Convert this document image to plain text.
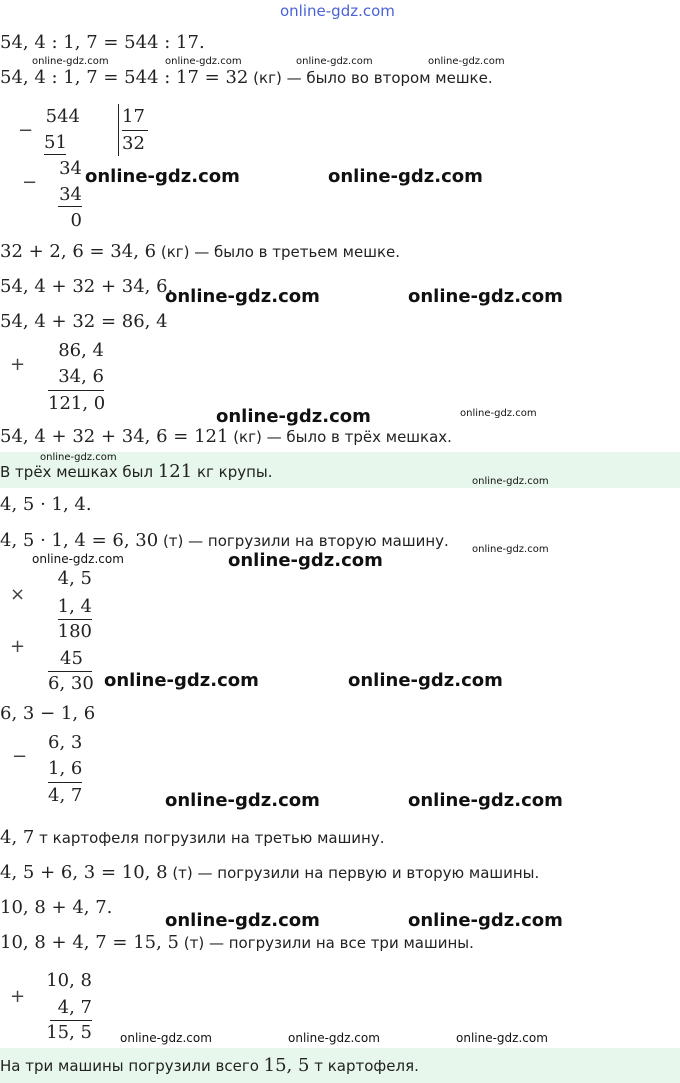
online-gdz.com
54, 4 : 1, 7 = 544 : 17.
online-gdz.com	online-gdz.com	online-gdz.com	online-gdz.com
54, 4 : 1, 7 = 544 : 17 = 32 (кг) — было во втором мешке.
−
544
51
17
32
−
34
34
0
online-gdz.com	online-gdz.com
32 + 2, 6 = 34, 6 (кг) — было в третьем мешке.
54, 4 + 32 + 34, 6.
online-gdz.com	online-gdz.com
54, 4 + 32 = 86, 4
+
86, 4
34, 6
121, 0
online-gdz.com	online-gdz.com
54, 4 + 32 + 34, 6 = 121 (кг) — было в трёх мешках.
online-gdz.com
В трёх мешках был 121 кг крупы.
online-gdz.com
4, 5 · 1, 4.
4, 5 · 1, 4 = 6, 30 (т) — погрузили на вторую машину. online-gdz.com
online-gdz.com	online-gdz.com
×
4, 5
1, 4
180
+
45
6, 30 online-gdz.com	online-gdz.com
6, 3 − 1, 6
−
6, 3
1, 6
4, 7	online-gdz.com	online-gdz.com
4, 7 т картофеля погрузили на третью машину.
4, 5 + 6, 3 = 10, 8 (т) — погрузили на первую и вторую машины.
10, 8 + 4, 7.
online-gdz.com	online-gdz.com
10, 8 + 4, 7 = 15, 5 (т) — погрузили на все три машины.
+
10, 8
4, 7
15, 5 online-gdz.com	online-gdz.com	online-gdz.com
На три машины погрузили всего 15, 5 т картофеля.
